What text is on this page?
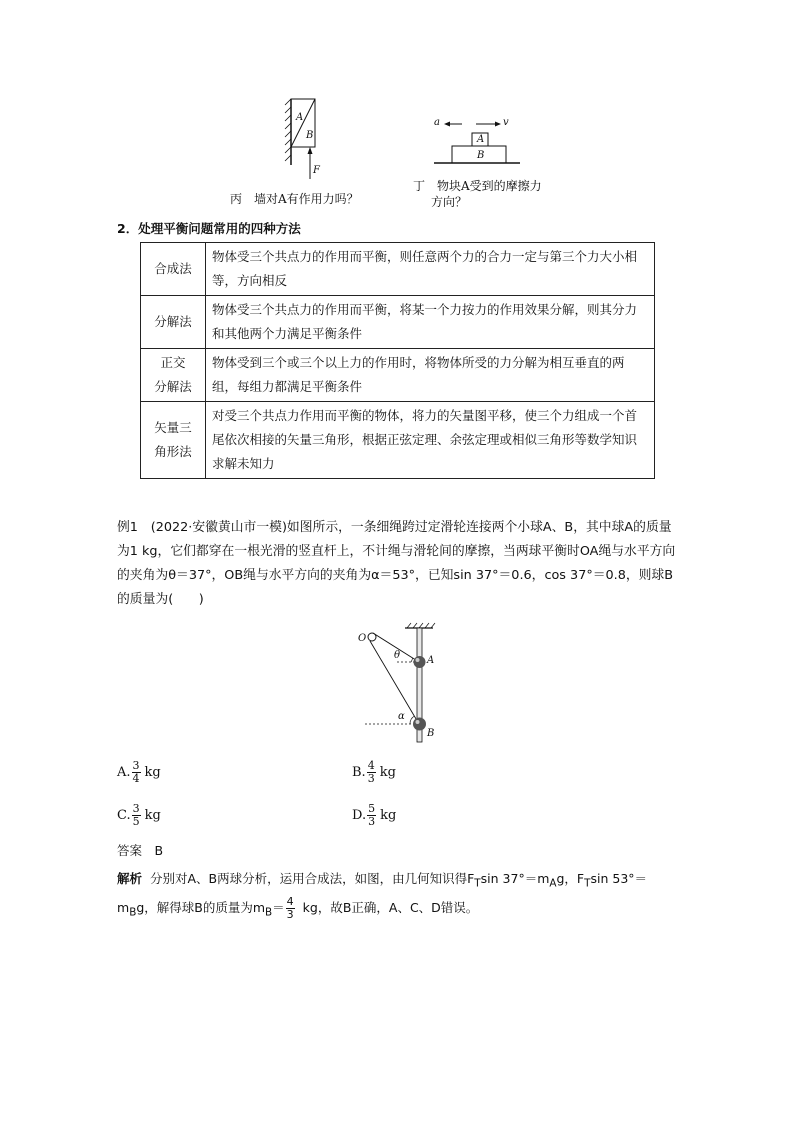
A
B
F
丙　墙对A有作用力吗？
a	v
A
B
丁　物块A受到的摩擦力
方向？
2．处理平衡问题常用的四种方法
合成法	物体受三个共点力的作用而平衡，则任意两个力的合力一定与第三个力大小相等，方向相反
分解法	物体受三个共点力的作用而平衡，将某一个力按力的作用效果分解，则其分力和其他两个力满足平衡条件
正交
分解法	物体受到三个或三个以上力的作用时，将物体所受的力分解为相互垂直的两组，每组力都满足平衡条件
矢量三
角形法	对受三个共点力作用而平衡的物体，将力的矢量图平移，使三个力组成一个首尾依次相接的矢量三角形，根据正弦定理、余弦定理或相似三角形等数学知识求解未知力
例1　(2022·安徽黄山市一模)如图所示，一条细绳跨过定滑轮连接两个小球A、B，其中球A的质量为1 kg，它们都穿在一根光滑的竖直杆上，不计绳与滑轮间的摩擦，当两球平衡时OA绳与水平方向的夹角为θ＝37°，OB绳与水平方向的夹角为α＝53°，已知sin 37°＝0.6，cos 37°＝0.8，则球B的质量为(　　)
O
θ	A
α
B
A. $\frac{3}{4}$ kg	B. $\frac{4}{3}$ kg
C. $\frac{3}{5}$ kg	D. $\frac{5}{3}$ kg
答案　B
解析 分别对A、B两球分析，运用合成法，如图，由几何知识得$F_T\sin$ $37^\circ=m_Ag$，$F_T\sin$ $53^\circ=m_Bg$，解得球B的质量为$m_B= \frac{4}{3}$ kg，故B正确，A、C、D错误。
